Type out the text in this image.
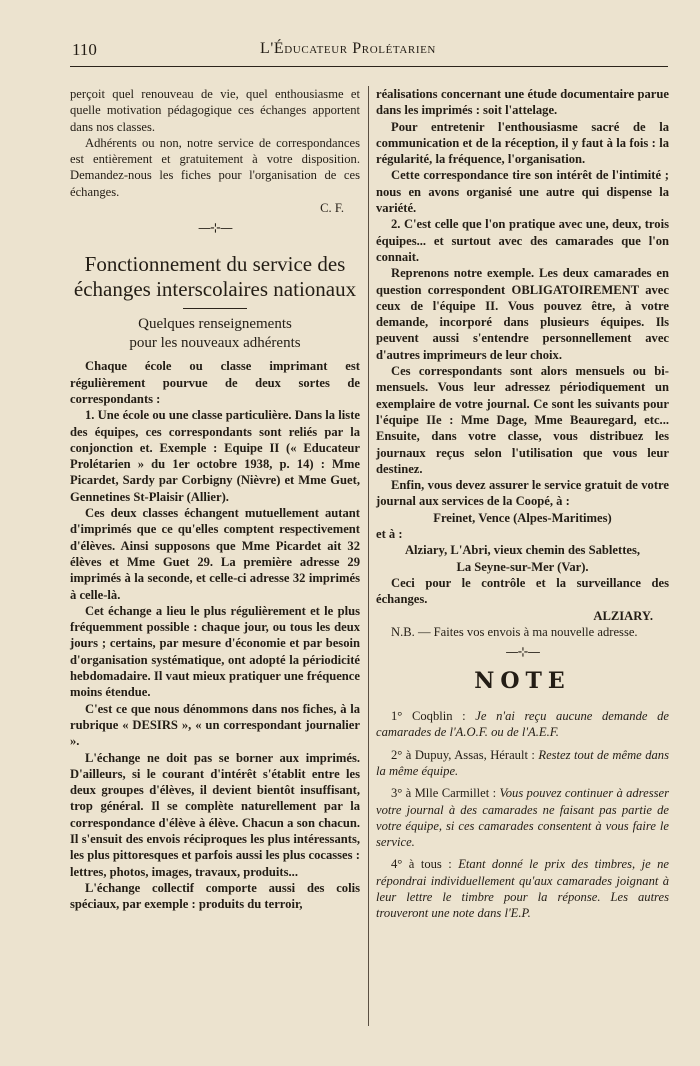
110	L'Éducateur Prolétarien

perçoit quel renouveau de vie, quel enthousiasme et quelle motivation pédagogique ces échanges apportent dans nos classes.

Adhérents ou non, notre service de correspondances est entièrement et gratuitement à votre disposition. Demandez-nous les fiches pour l'organisation de ces échanges.
C. F.

—⊹—
Fonctionnement du service des échanges interscolaires nationaux
Quelques renseignements
pour les nouveaux adhérents

Chaque école ou classe imprimant est régulièrement pourvue de deux sortes de correspondants :

1. Une école ou une classe particulière. Dans la liste des équipes, ces correspondants sont reliés par la conjonction et. Exemple : Equipe II (« Educateur Prolétarien » du 1er octobre 1938, p. 14) : Mme Picardet, Sardy par Corbigny (Nièvre) et Mme Guet, Gennetines St-Plaisir (Allier).

Ces deux classes échangent mutuellement autant d'imprimés que ce qu'elles comptent respectivement d'élèves. Ainsi supposons que Mme Picardet ait 32 élèves et Mme Guet 29. La première adresse 29 imprimés à la seconde, et celle-ci adresse 32 imprimés à celle-là.

Cet échange a lieu le plus régulièrement et le plus fréquemment possible : chaque jour, ou tous les deux jours ; certains, par mesure d'économie et par besoin d'organisation systématique, ont adopté la périodicité hebdomadaire. Il vaut mieux pratiquer une fréquence moins étendue.

C'est ce que nous dénommons dans nos fiches, à la rubrique « DESIRS », « un correspondant journalier ».

L'échange ne doit pas se borner aux imprimés. D'ailleurs, si le courant d'intérêt s'établit entre les deux groupes d'élèves, il devient bientôt insuffisant, trop général. Il se complète naturellement par la correspondance d'élève à élève. Chacun a son chacun. Il s'ensuit des envois réciproques les plus intéressants, les plus pittoresques et parfois aussi les plus cocasses : lettres, photos, images, travaux, produits...

L'échange collectif comporte aussi des colis spéciaux, par exemple : produits du terroir,

réalisations concernant une étude documentaire parue dans les imprimés : soit l'attelage.

Pour entretenir l'enthousiasme sacré de la communication et de la réception, il y faut à la fois : la régularité, la fréquence, l'organisation.

Cette correspondance tire son intérêt de l'intimité ; nous en avons organisé une autre qui dispense la variété.

2. C'est celle que l'on pratique avec une, deux, trois équipes... et surtout avec des camarades que l'on connait.

Reprenons notre exemple. Les deux camarades en question correspondent OBLIGATOIREMENT avec ceux de l'équipe II. Vous pouvez être, à votre demande, incorporé dans plusieurs équipes. Ils peuvent aussi s'entendre personnellement avec d'autres imprimeurs de leur choix.

Ces correspondants sont alors mensuels ou bi-mensuels. Vous leur adressez périodiquement un exemplaire de votre journal. Ce sont les suivants pour l'équipe IIe : Mme Dage, Mme Beauregard, etc... Ensuite, dans votre classe, vous distribuez les journaux reçus selon l'utilisation que vous leur destinez.

Enfin, vous devez assurer le service gratuit de votre journal aux services de la Coopé, à :

Freinet, Vence (Alpes-Maritimes)

et à :

Alziary, L'Abri, vieux chemin des Sablettes,

La Seyne-sur-Mer (Var).

Ceci pour le contrôle et la surveillance des échanges.
ALZIARY.

N.B. — Faites vos envois à ma nouvelle adresse.

—⊹—
NOTE

1° Coqblin : Je n'ai reçu aucune demande de camarades de l'A.O.F. ou de l'A.E.F.

2° à Dupuy, Assas, Hérault : Restez tout de même dans la même équipe.

3° à Mlle Carmillet : Vous pouvez continuer à adresser votre journal à des camarades ne faisant pas partie de votre équipe, si ces camarades consentent à vous faire le service.

4° à tous : Etant donné le prix des timbres, je ne répondrai individuellement qu'aux camarades joignant à leur lettre le timbre pour la réponse. Les autres trouveront une note dans l'E.P.
